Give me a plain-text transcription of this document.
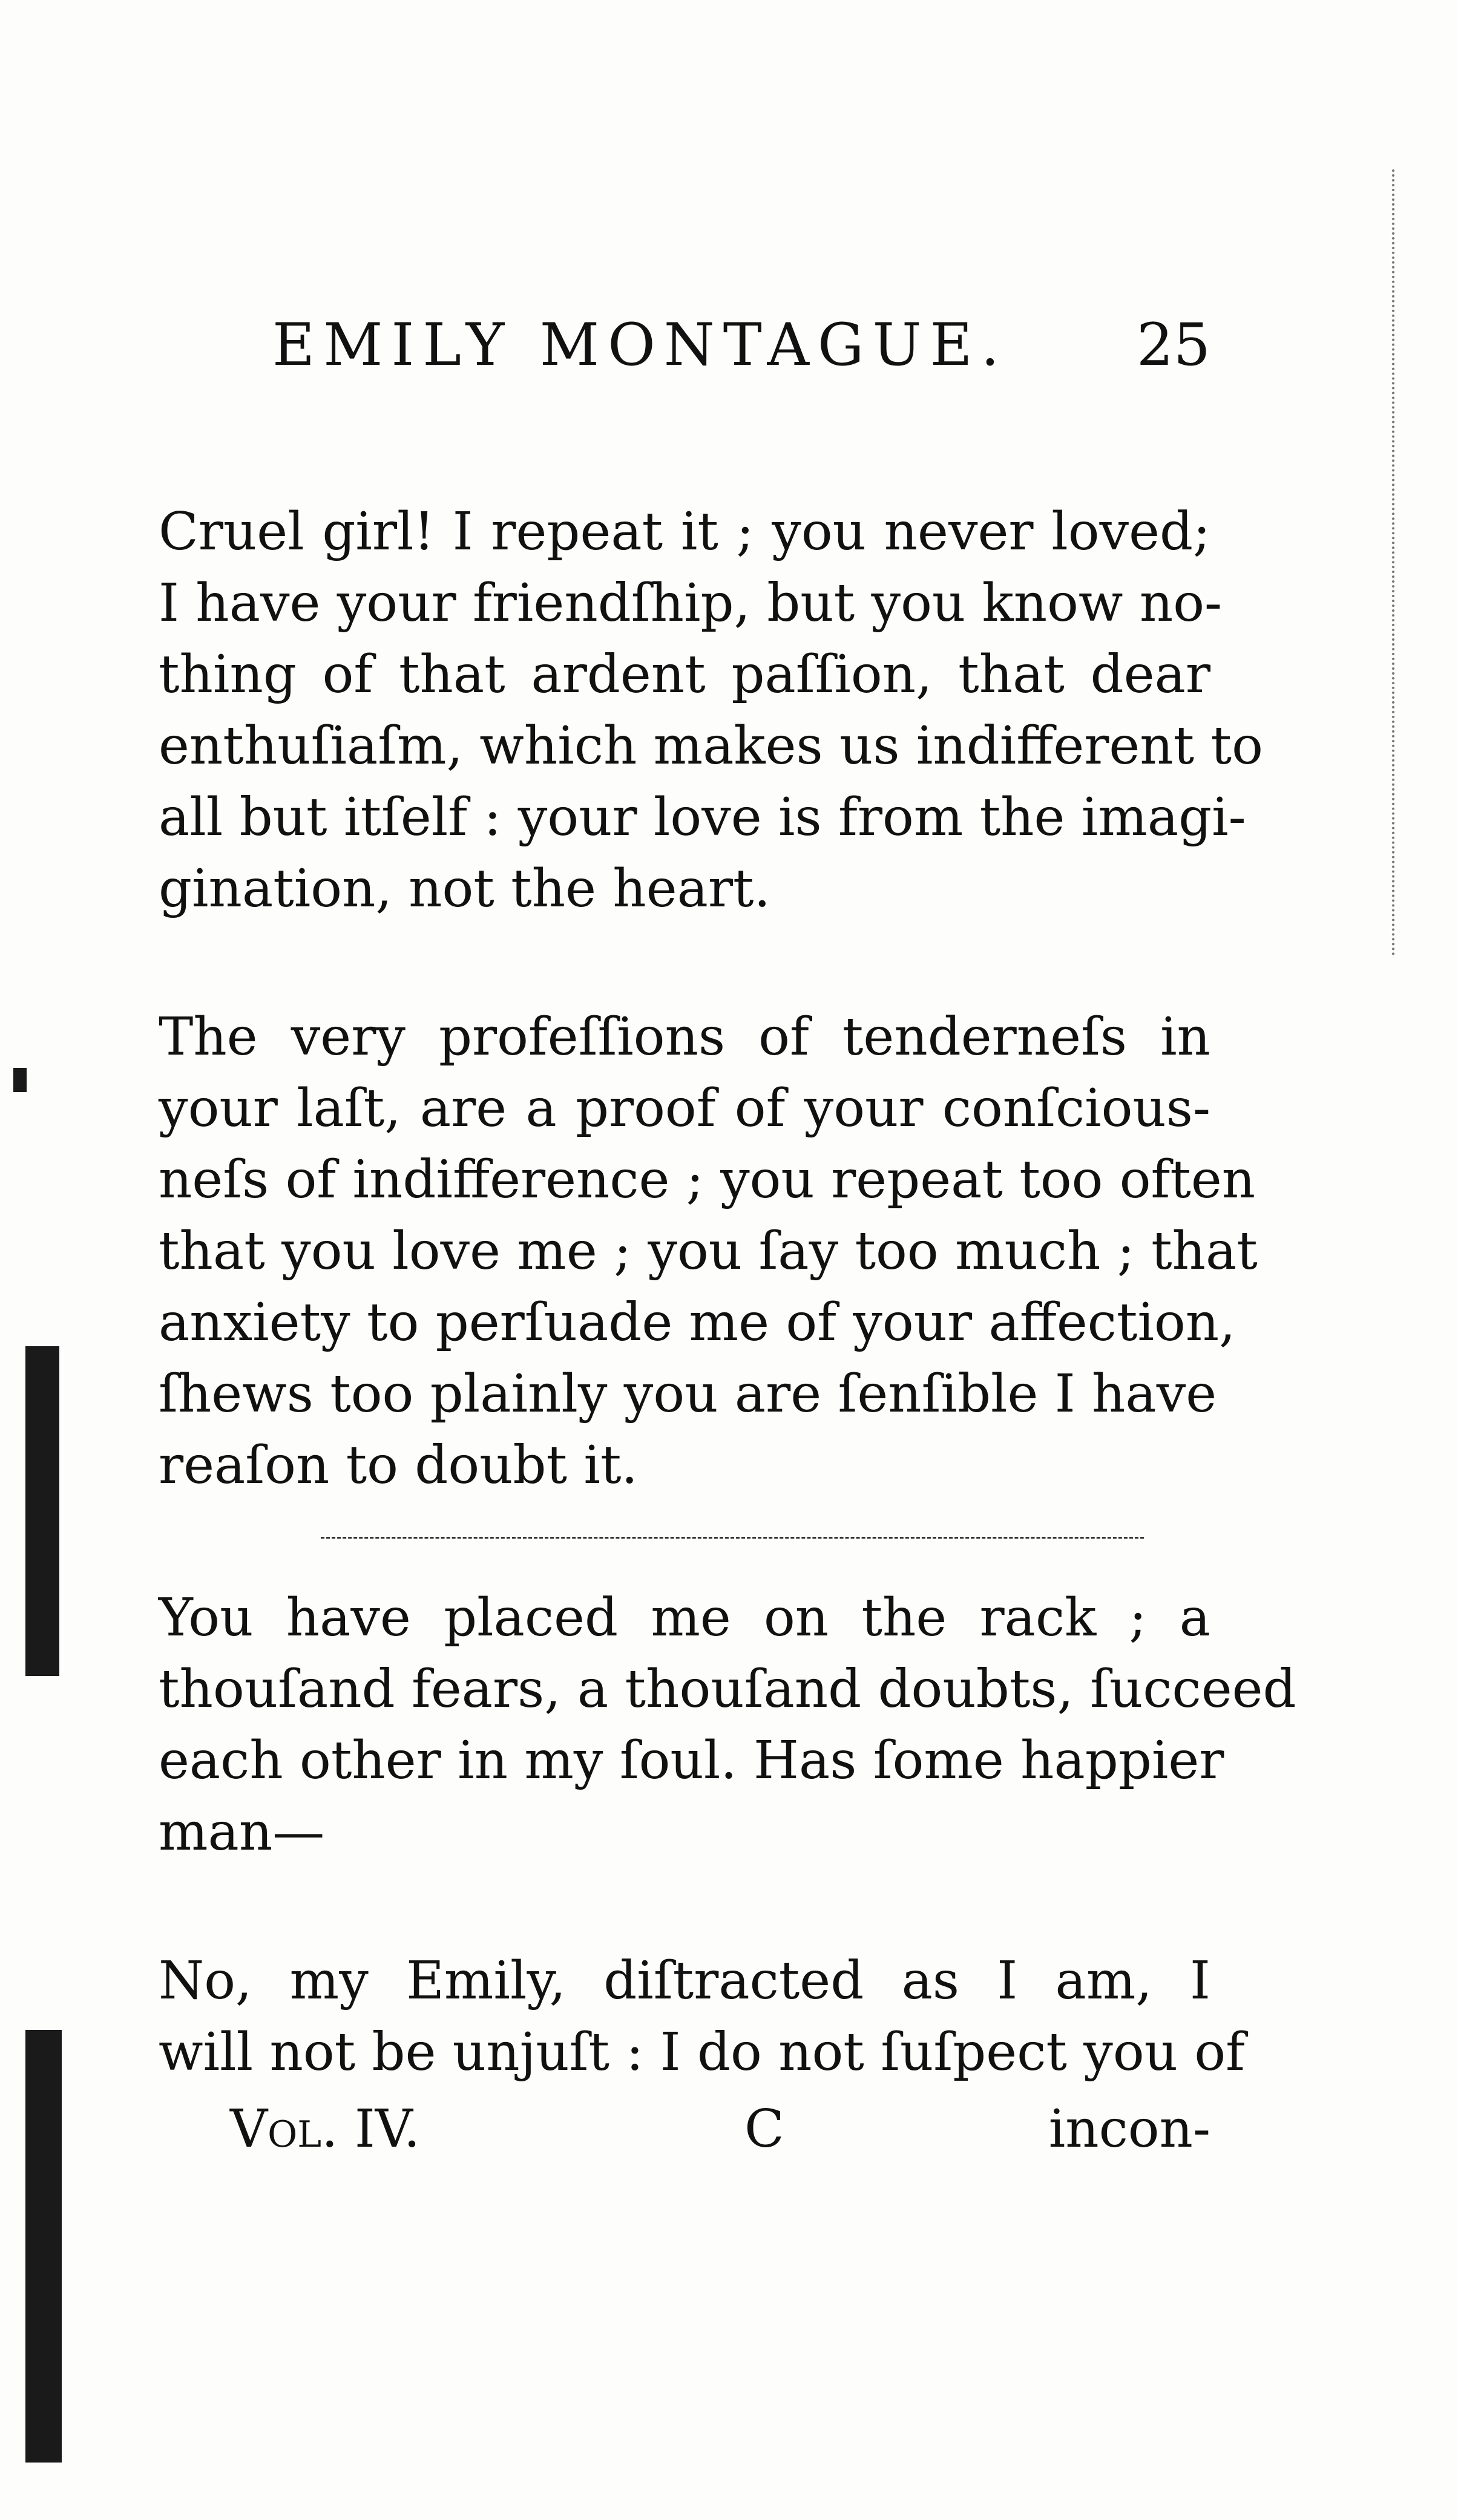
EMILY MONTAGUE. 25
Cruel girl! I repeat it ; you never loved;
I have your friendſhip, but you know no-
thing of that ardent paſſion, that dear
enthuſiaſm, which makes us indifferent to
all but itſelf : your love is from the imagi-
gination, not the heart.
The very profeſſions of tenderneſs in
your laſt, are a proof of your conſcious-
neſs of indifference ; you repeat too often
that you love me ; you ſay too much ; that
anxiety to perſuade me of your affection,
ſhews too plainly you are ſenſible I have
reaſon to doubt it.
You have placed me on the rack ; a
thouſand fears, a thouſand doubts, ſucceed
each other in my ſoul. Has ſome happier
man—
No, my Emily, diſtracted as I am, I
will not be unjuſt : I do not ſuſpect you of
Vol. IV.	C	incon-
